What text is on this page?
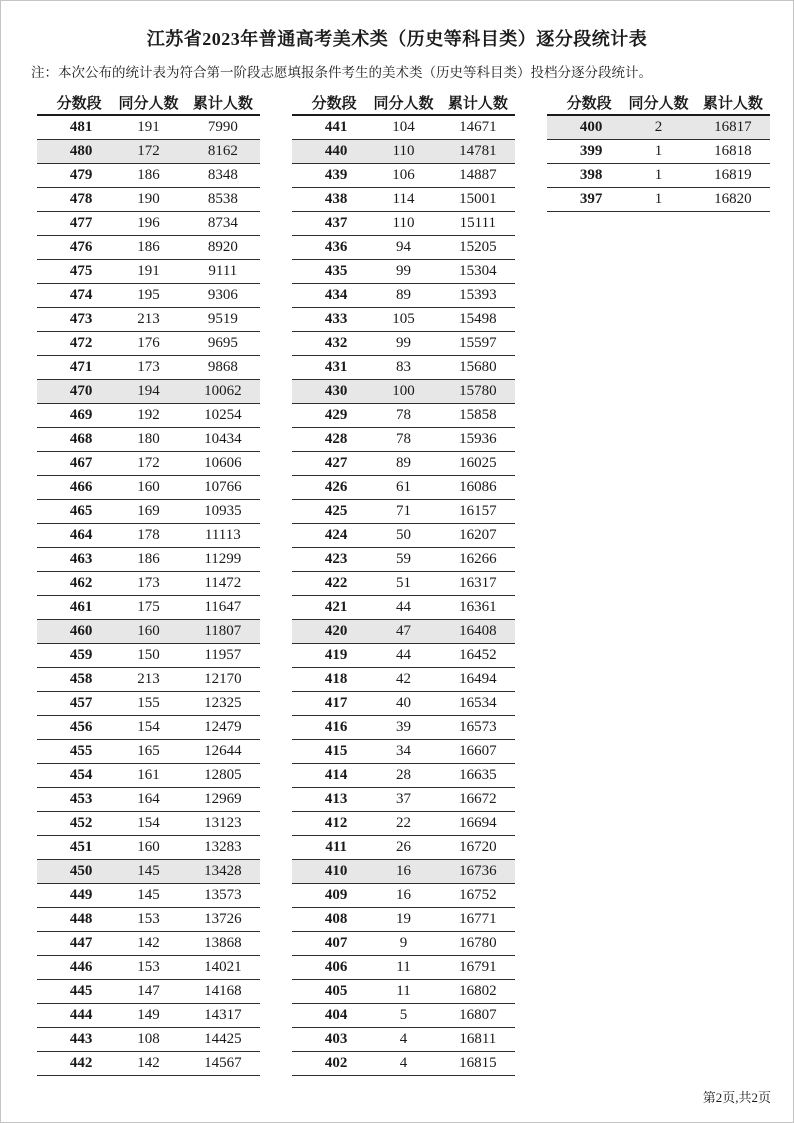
江苏省2023年普通高考美术类（历史等科目类）逐分段统计表
注：本次公布的统计表为符合第一阶段志愿填报条件考生的美术类（历史等科目类）投档分逐分段统计。
分数段	同分人数 累计人数
481	191	7990
480	172	8162
479	186	8348
478	190	8538
477	196	8734
476	186	8920
475	191	9111
474	195	9306
473	213	9519
472	176	9695
471	173	9868
470	194	10062
469	192	10254
468	180	10434
467	172	10606
466	160	10766
465	169	10935
464	178	11113
463	186	11299
462	173	11472
461	175	11647
460	160	11807
459	150	11957
458	213	12170
457	155	12325
456	154	12479
455	165	12644
454	161	12805
453	164	12969
452	154	13123
451	160	13283
450	145	13428
449	145	13573
448	153	13726
447	142	13868
446	153	14021
445	147	14168
444	149	14317
443	108	14425
442	142	14567
分数段	同分人数 累计人数
441	104	14671
440	110	14781
439	106	14887
438	114	15001
437	110	15111
436	94	15205
435	99	15304
434	89	15393
433	105	15498
432	99	15597
431	83	15680
430	100	15780
429	78	15858
428	78	15936
427	89	16025
426	61	16086
425	71	16157
424	50	16207
423	59	16266
422	51	16317
421	44	16361
420	47	16408
419	44	16452
418	42	16494
417	40	16534
416	39	16573
415	34	16607
414	28	16635
413	37	16672
412	22	16694
411	26	16720
410	16	16736
409	16	16752
408	19	16771
407	9	16780
406	11	16791
405	11	16802
404	5	16807
403	4	16811
402	4	16815
分数段	同分人数 累计人数
400	2	16817
399	1	16818
398	1	16819
397	1	16820
第2页,共2页
